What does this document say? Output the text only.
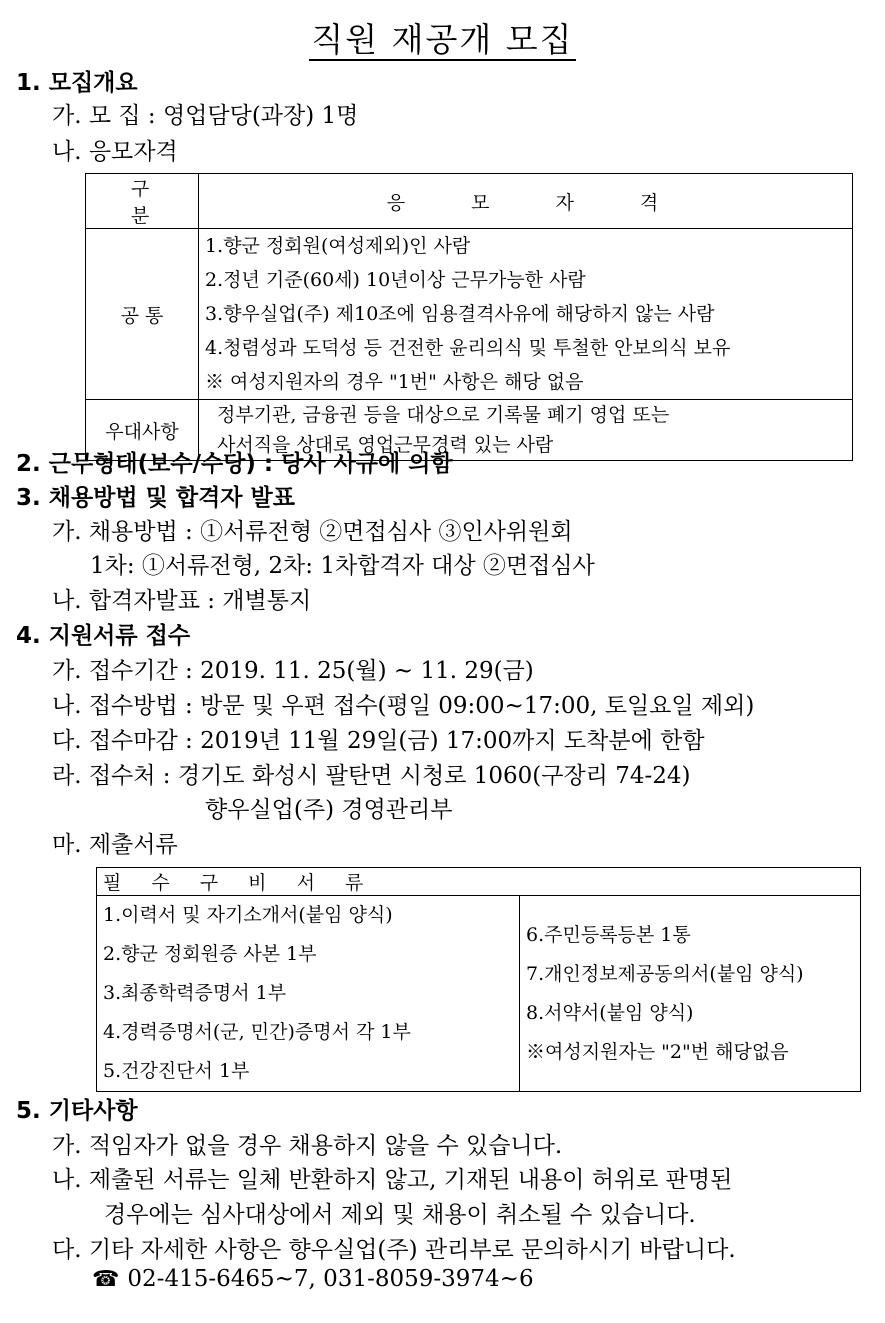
직원 재공개 모집
1. 모집개요
가. 모 집 : 영업담당(과장) 1명
나. 응모자격
구 분	응 모 자 격
공 통	1.향군 정회원(여성제외)인 사람
2.정년 기준(60세) 10년이상 근무가능한 사람
3.향우실업(주) 제10조에 임용결격사유에 해당하지 않는 사람
4.청렴성과 도덕성 등 건전한 윤리의식 및 투철한 안보의식 보유
※ 여성지원자의 경우 "1번" 사항은 해당 없음

우대사항	정부기관, 금융권 등을 대상으로 기록물 폐기 영업 또는
사서직을 상대로 영업근무경력 있는 사람
2. 근무형태(보수/수당) : 당사 사규에 의함
3. 채용방법 및 합격자 발표
가. 채용방법 : ①서류전형 ②면접심사 ③인사위원회
1차: ①서류전형, 2차: 1차합격자 대상 ②면접심사
나. 합격자발표 : 개별통지
4. 지원서류 접수
가. 접수기간 : 2019. 11. 25(월) ~ 11. 29(금)
나. 접수방법 : 방문 및 우편 접수(평일 09:00~17:00, 토일요일 제외)
다. 접수마감 : 2019년 11월 29일(금) 17:00까지 도착분에 한함
라. 접수처 : 경기도 화성시 팔탄면 시청로 1060(구장리 74-24)
향우실업(주) 경영관리부
마. 제출서류
필 수 구 비 서 류

1.이력서 및 자기소개서(붙임 양식)
2.향군 정회원증 사본 1부
3.최종학력증명서 1부
4.경력증명서(군, 민간)증명서 각 1부
5.건강진단서 1부

6.주민등록등본 1통
7.개인정보제공동의서(붙임 양식)
8.서약서(붙임 양식)
※여성지원자는 "2"번 해당없음
5. 기타사항
가. 적임자가 없을 경우 채용하지 않을 수 있습니다.
나. 제출된 서류는 일체 반환하지 않고, 기재된 내용이 허위로 판명된
경우에는 심사대상에서 제외 및 채용이 취소될 수 있습니다.
다. 기타 자세한 사항은 향우실업(주) 관리부로 문의하시기 바랍니다.
☎ 02-415-6465~7, 031-8059-3974~6
